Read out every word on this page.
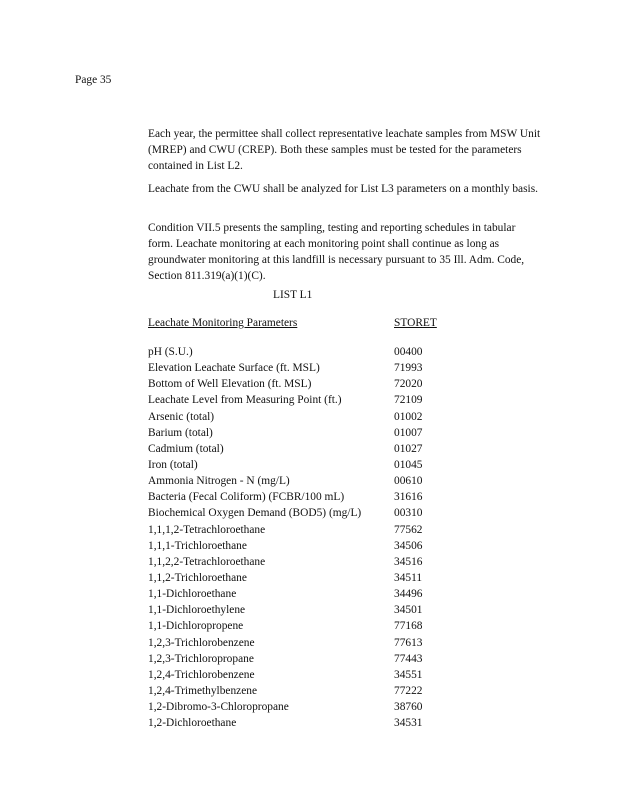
Page 35

Each year, the permittee shall collect representative leachate samples from MSW Unit (MREP) and CWU (CREP). Both these samples must be tested for the parameters contained in List L2.

Leachate from the CWU shall be analyzed for List L3 parameters on a monthly basis.

Condition VII.5 presents the sampling, testing and reporting schedules in tabular form. Leachate monitoring at each monitoring point shall continue as long as groundwater monitoring at this landfill is necessary pursuant to 35 Ill. Adm. Code, Section 811.319(a)(1)(C).

LIST L1
Leachate Monitoring Parameters	STORET
pH (S.U.)	00400
Elevation Leachate Surface (ft. MSL)	71993
Bottom of Well Elevation (ft. MSL)	72020
Leachate Level from Measuring Point (ft.)	72109
Arsenic (total)	01002
Barium (total)	01007
Cadmium (total)	01027
Iron (total)	01045
Ammonia Nitrogen - N (mg/L)	00610
Bacteria (Fecal Coliform) (FCBR/100 mL)	31616
Biochemical Oxygen Demand (BOD5) (mg/L)	00310
1,1,1,2-Tetrachloroethane	77562
1,1,1-Trichloroethane	34506
1,1,2,2-Tetrachloroethane	34516
1,1,2-Trichloroethane	34511
1,1-Dichloroethane	34496
1,1-Dichloroethylene	34501
1,1-Dichloropropene	77168
1,2,3-Trichlorobenzene	77613
1,2,3-Trichloropropane	77443
1,2,4-Trichlorobenzene	34551
1,2,4-Trimethylbenzene	77222
1,2-Dibromo-3-Chloropropane	38760
1,2-Dichloroethane	34531
